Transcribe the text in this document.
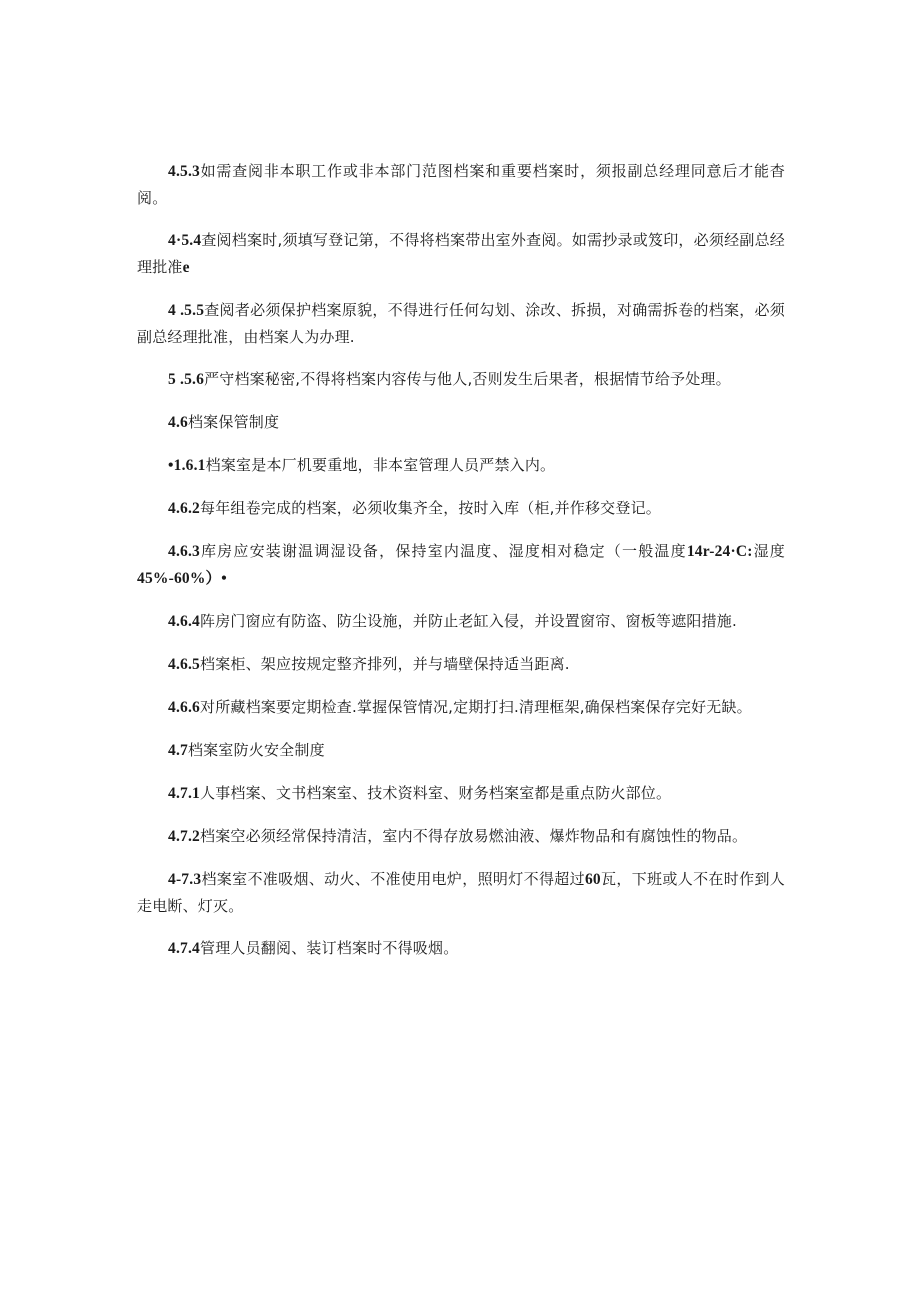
4.5.3如需查阅非本职工作或非本部门范图档案和重要档案时，须报副总经理同意后才能杳阅。

4·5.4查阅档案时,须填写登记第，不得将档案带出室外查阅。如需抄录或笈印，必须经副总经理批准e

4 .5.5查阅者必须保护档案原貌，不得进行任何勾划、涂改、拆损，对确需拆卷的档案，必须副总经理批准，由档案人为办理.

5 .5.6严守档案秘密,不得将档案内容传与他人,否则发生后果者，根据情节给予处理。

4.6档案保管制度

•1.6.1档案室是本厂机要重地，非本室管理人员严禁入内。

4.6.2每年组卷完成的档案，必须收集齐全，按时入库（柜,并作移交登记。

4.6.3库房应安装谢温调湿设备，保持室内温度、湿度相对稳定（一般温度14r-24·C:湿度45%-60%）•

4.6.4阵房门窗应有防盗、防尘设施，并防止老缸入侵，并设置窗帘、窗板等遮阳措施.

4.6.5档案柜、架应按规定整齐排列，并与墙壁保持适当距离.

4.6.6对所藏档案要定期检查.掌握保管情况,定期打扫.清理框架,确保档案保存完好无缺。

4.7档案室防火安全制度

4.7.1人事档案、文书档案室、技术资料室、财务档案室都是重点防火部位。

4.7.2档案空必须经常保持清洁，室内不得存放易燃油液、爆炸物品和有腐蚀性的物品。

4-7.3档案室不准吸烟、动火、不准使用电炉，照明灯不得超过60瓦，下班或人不在时作到人走电断、灯灭。

4.7.4管理人员翻阅、装订档案时不得吸烟。
